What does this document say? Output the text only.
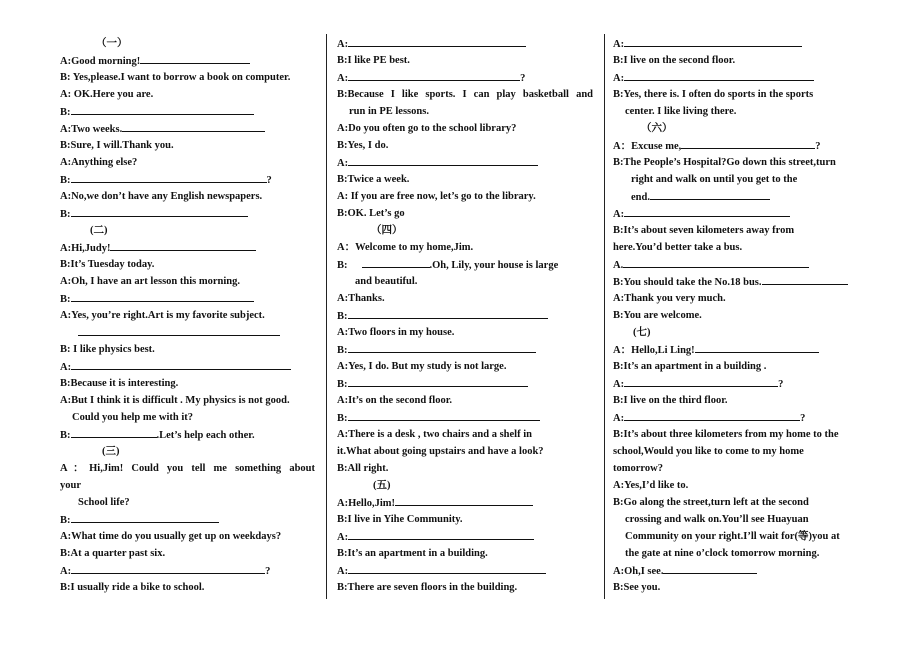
（一）
A:Good morning!
B: Yes,please.I want to borrow a book on computer.
A: OK.Here you are.
B:
A:Two weeks.
B:Sure, I will.Thank you.
A:Anything else?
B:	?
A:No,we don’t have any English newspapers.
B:
(二)
A:Hi,Judy!
B:It’s Tuesday today.
A:Oh, I have an art lesson this morning.
B:
A:Yes, you’re right.Art is my favorite subject.
B: I like physics best.
A:
B:Because it is interesting.
A:But I think it is difficult . My physics is not good.
Could you help me with it?
B:	.Let’s help each other.
(三)
A：Hi,Jim! Could you tell me something about
your
School life?
B:
A:What time do you usually get up on weekdays?
B:At a quarter past six.
A:	?
B:I usually ride a bike to school.
A:
B:I like PE best.
A:	?
B:Because I like sports. I can play basketball and
run in PE lessons.
A:Do you often go to the school library?
B:Yes, I do.
A:
B:Twice a week.
A: If you are free now, let’s go to the library.
B:OK. Let’s go
（四）
A：Welcome to my home,Jim.
B:	.Oh, Lily, your house is large
and beautiful.
A:Thanks.
B:
A:Two floors in my house.
B:
A:Yes, I do. But my study is not large.
B:
A:It’s on the second floor.
B:
A:There is a desk , two chairs and a shelf in
it.What about going upstairs and have a look?
B:All right.
(五)
A:Hello,Jim!
B:I live in Yihe Community.
A:
B:It’s an apartment in a building.
A:
B:There are seven floors in the building.
A:
B:I live on the second floor.
A:
B:Yes, there is. I often do sports in the sports
center. I like living there.
（六）
A：Excuse me,	?
B:The People’s Hospital?Go down this street,turn
right and walk on until you get to the
end.
A:
B:It’s about seven kilometers away from
here.You’d better take a bus.
A.
B:You should take the No.18 bus.
A:Thank you very much.
B:You are welcome.
(七)
A：Hello,Li Ling!
B:It’s an apartment in a building .
A:	?
B:I live on the third floor.
A:	?
B:It’s about three kilometers from my home to the
school,Would you like to come to my home
tomorrow?
A:Yes,I’d like to.
B:Go along the street,turn left at the second
crossing and walk on.You’ll see Huayuan
Community on your right.I’ll wait for(等)you at
the gate at nine o’clock tomorrow morning.
A:Oh,I see.
B:See you.
